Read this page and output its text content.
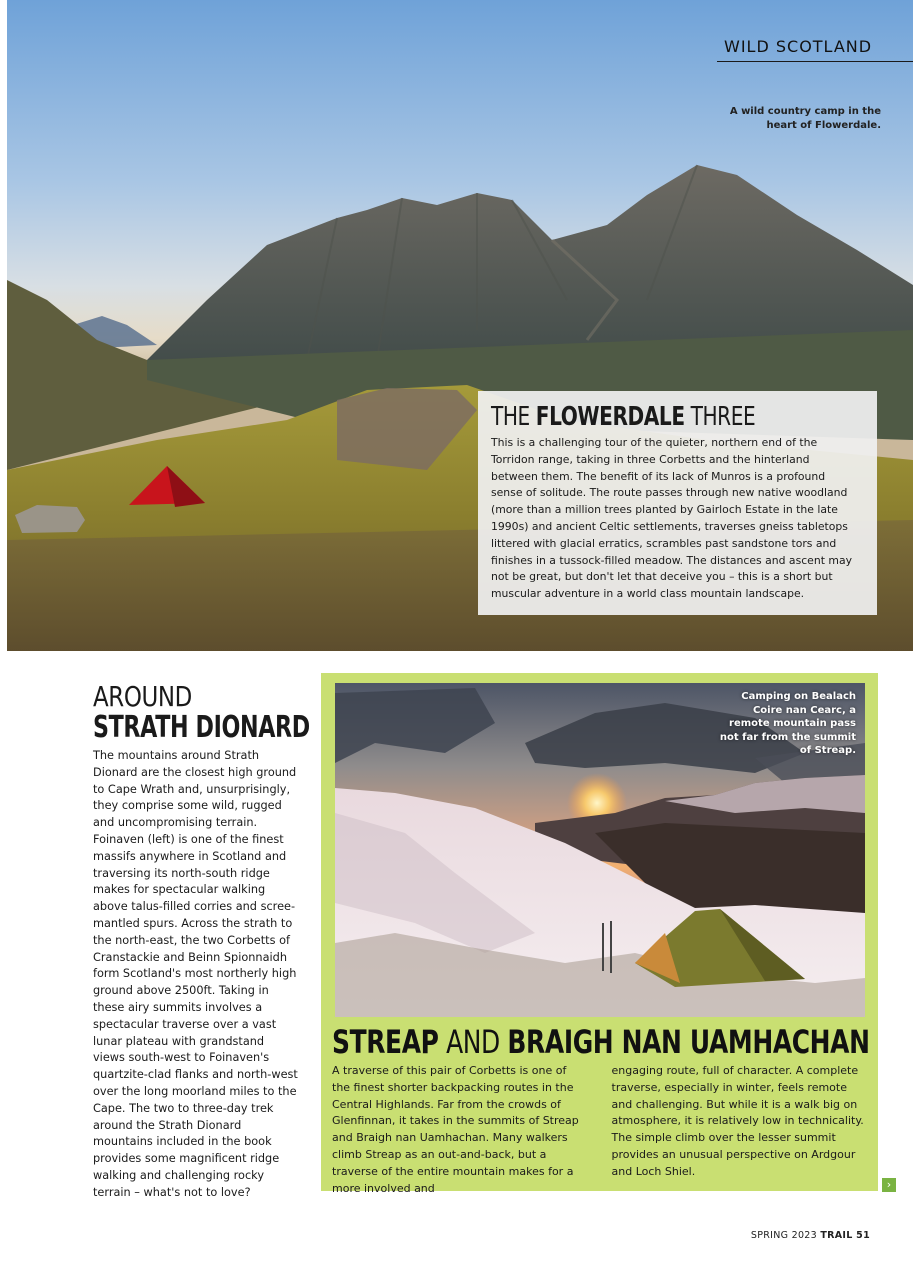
A wild country camp in the heart of Flowerdale.
THE FLOWERDALE THREE

This is a challenging tour of the quieter, northern end of the Torridon range, taking in three Corbetts and the hinterland between them. The benefit of its lack of Munros is a profound sense of solitude. The route passes through new native woodland (more than a million trees planted by Gairloch Estate in the late 1990s) and ancient Celtic settlements, traverses gneiss tabletops littered with glacial erratics, scrambles past sandstone tors and finishes in a tussock-filled meadow. The distances and ascent may not be great, but don't let that deceive you – this is a short but muscular adventure in a world class mountain landscape.

WILD SCOTLAND
AROUND
STRATH DIONARD

The mountains around Strath Dionard are the closest high ground to Cape Wrath and, unsurprisingly, they comprise some wild, rugged and uncompromising terrain. Foinaven (left) is one of the finest massifs anywhere in Scotland and traversing its north-south ridge makes for spectacular walking above talus-filled corries and scree-mantled spurs. Across the strath to the north-east, the two Corbetts of Cranstackie and Beinn Spionnaidh form Scotland's most northerly high ground above 2500ft. Taking in these airy summits involves a spectacular traverse over a vast lunar plateau with grandstand views south-west to Foinaven's quartzite-clad flanks and north-west over the long moorland miles to the Cape. The two to three-day trek around the Strath Dionard mountains included in the book provides some magnificent ridge walking and challenging rocky terrain – what's not to love?

Camping on Bealach Coire nan Cearc, a remote mountain pass not far from the summit of Streap.
STREAP AND BRAIGH NAN UAMHACHAN

A traverse of this pair of Corbetts is one of the finest shorter backpacking routes in the Central Highlands. Far from the crowds of Glenfinnan, it takes in the summits of Streap and Braigh nan Uamhachan. Many walkers climb Streap as an out-and-back, but a traverse of the entire mountain makes for a more involved and

engaging route, full of character. A complete traverse, especially in winter, feels remote and challenging. But while it is a walk big on atmosphere, it is relatively low in technicality. The simple climb over the lesser summit provides an unusual perspective on Ardgour and Loch Shiel.

›
SPRING 2023 TRAIL 51
